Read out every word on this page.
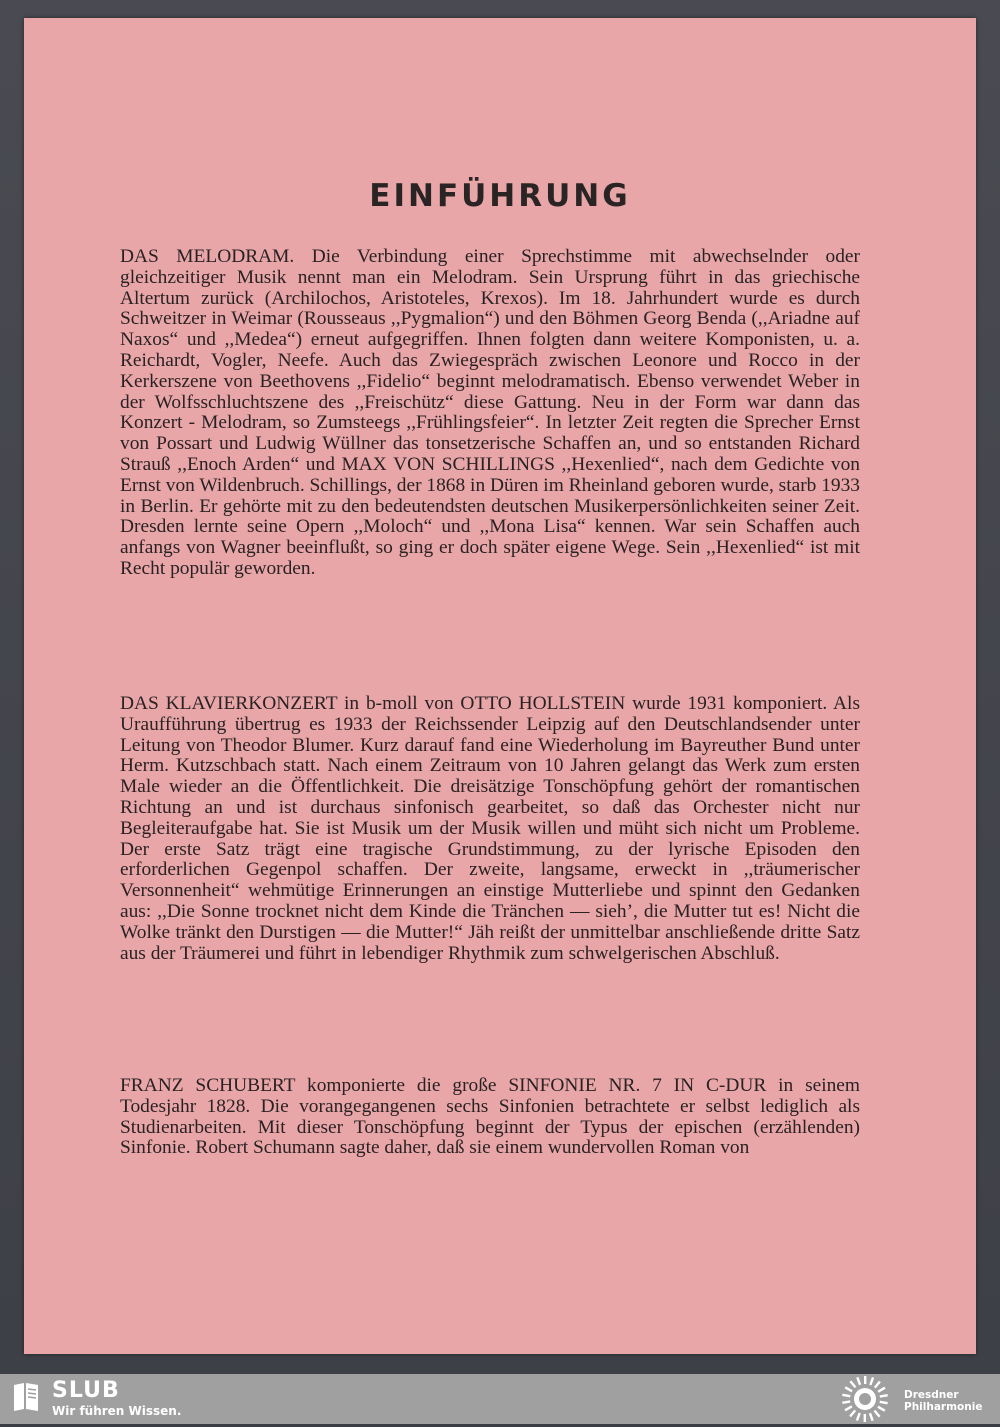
EINFÜHRUNG

DAS MELODRAM. Die Verbindung einer Sprechstimme mit abwechselnder oder gleichzeitiger Musik nennt man ein Melodram. Sein Ursprung führt in das griechische Altertum zurück (Archilochos, Aristoteles, Krexos). Im 18. Jahrhundert wurde es durch Schweitzer in Weimar (Rousseaus ,,Pygmalion“) und den Böhmen Georg Benda (,,Ariadne auf Naxos“ und ,,Medea“) erneut aufgegriffen. Ihnen folgten dann weitere Komponisten, u. a. Reichardt, Vogler, Neefe. Auch das Zwiegespräch zwischen Leonore und Rocco in der Kerkerszene von Beethovens ,,Fidelio“ beginnt melodramatisch. Ebenso verwendet Weber in der Wolfsschluchtszene des ,,Freischütz“ diese Gattung. Neu in der Form war dann das Konzert - Melodram, so Zumsteegs ,,Frühlingsfeier“. In letzter Zeit regten die Sprecher Ernst von Possart und Ludwig Wüllner das tonsetzerische Schaffen an, und so entstanden Richard Strauß ,,Enoch Arden“ und MAX VON SCHILLINGS ,,Hexenlied“, nach dem Gedichte von Ernst von Wildenbruch. Schillings, der 1868 in Düren im Rheinland geboren wurde, starb 1933 in Berlin. Er gehörte mit zu den bedeutendsten deutschen Musikerpersönlichkeiten seiner Zeit. Dresden lernte seine Opern ,,Moloch“ und ,,Mona Lisa“ kennen. War sein Schaffen auch anfangs von Wagner beeinflußt, so ging er doch später eigene Wege. Sein ,,Hexenlied“ ist mit Recht populär geworden.

DAS KLAVIERKONZERT in b-moll von OTTO HOLLSTEIN wurde 1931 komponiert. Als Uraufführung übertrug es 1933 der Reichssender Leipzig auf den Deutschlandsender unter Leitung von Theodor Blumer. Kurz darauf fand eine Wiederholung im Bayreuther Bund unter Herm. Kutzschbach statt. Nach einem Zeitraum von 10 Jahren gelangt das Werk zum ersten Male wieder an die Öffentlichkeit. Die dreisätzige Tonschöpfung gehört der romantischen Richtung an und ist durchaus sinfonisch gearbeitet, so daß das Orchester nicht nur Begleiteraufgabe hat. Sie ist Musik um der Musik willen und müht sich nicht um Probleme. Der erste Satz trägt eine tragische Grundstimmung, zu der lyrische Episoden den erforderlichen Gegenpol schaffen. Der zweite, langsame, erweckt in ,,träumerischer Versonnenheit“ wehmütige Erinnerungen an einstige Mutterliebe und spinnt den Gedanken aus: ,,Die Sonne trocknet nicht dem Kinde die Tränchen — sieh’, die Mutter tut es! Nicht die Wolke tränkt den Durstigen — die Mutter!“ Jäh reißt der unmittelbar anschließende dritte Satz aus der Träumerei und führt in lebendiger Rhythmik zum schwelgerischen Abschluß.

FRANZ SCHUBERT komponierte die große SINFONIE NR. 7 IN C-DUR in seinem Todesjahr 1828. Die vorangegangenen sechs Sinfonien betrachtete er selbst lediglich als Studienarbeiten. Mit dieser Tonschöpfung beginnt der Typus der epischen (erzählenden) Sinfonie. Robert Schumann sagte daher, daß sie einem wundervollen Roman von

SLUB
Wir führen Wissen.
Dresdner
Philharmonie
